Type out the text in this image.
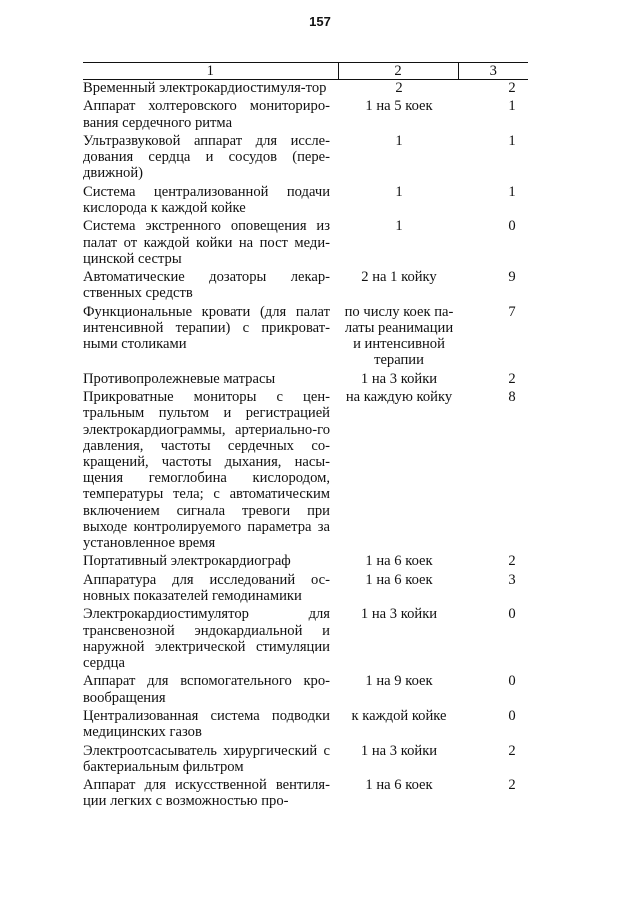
157
1	2	3
Временный электрокардиостимуля-тор	2	2
Аппарат холтеровского мониториро-вания сердечного ритма	1 на 5 коек	1
Ультразвуковой аппарат для иссле-дования сердца и сосудов (пере-движной)	1	1
Система централизованной подачи кислорода к каждой койке	1	1
Система экстренного оповещения из палат от каждой койки на пост меди-цинской сестры	1	0
Автоматические дозаторы лекар-ственных средств	2 на 1 койку	9
Функциональные кровати (для палат интенсивной терапии) с прикроват-ными столиками	по числу коек па-латы реанимации и интенсивной терапии	7
Противопролежневые матрасы	1 на 3 койки	2
Прикроватные мониторы с цен-тральным пультом и регистрацией электрокардиограммы, артериально-го давления, частоты сердечных со-кращений, частоты дыхания, насы-щения гемоглобина кислородом, температуры тела; с автоматическим включением сигнала тревоги при выходе контролируемого параметра за установленное время	на каждую койку	8
Портативный электрокардиограф	1 на 6 коек	2
Аппаратура для исследований ос-новных показателей гемодинамики	1 на 6 коек	3
Электрокардиостимулятор для трансвенозной эндокардиальной и наружной электрической стимуляции сердца	1 на 3 койки	0
Аппарат для вспомогательного кро-вообращения	1 на 9 коек	0
Централизованная система подводки медицинских газов	к каждой койке	0
Электроотсасыватель хирургический с бактериальным фильтром	1 на 3 койки	2
Аппарат для искусственной вентиля-ции легких с возможностью про-	1 на 6 коек	2
